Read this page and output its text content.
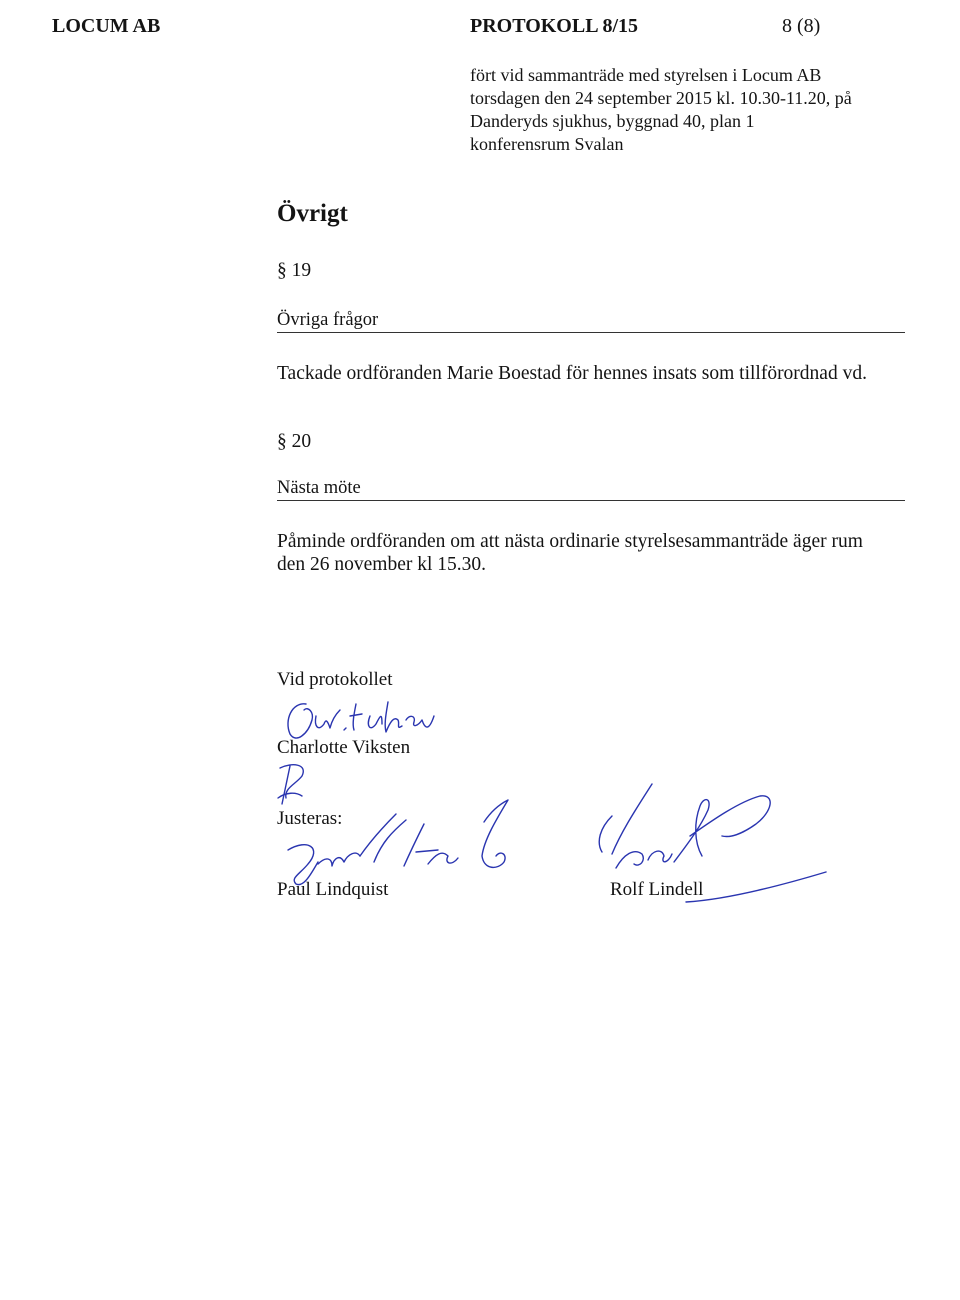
LOCUM AB	PROTOKOLL 8/15	8 (8)
fört vid sammanträde med styrelsen i Locum AB
torsdagen den 24 september 2015 kl. 10.30-11.20, på
Danderyds sjukhus, byggnad 40, plan 1
konferensrum Svalan
Övrigt
§ 19
Övriga frågor
Tackade ordföranden Marie Boestad för hennes insats som tillförordnad vd.
§ 20
Nästa möte
Påminde ordföranden om att nästa ordinarie styrelsesammanträde äger rum
den 26 november kl 15.30.
Vid protokollet
Charlotte Viksten
Justeras:
Paul Lindquist	Rolf Lindell
